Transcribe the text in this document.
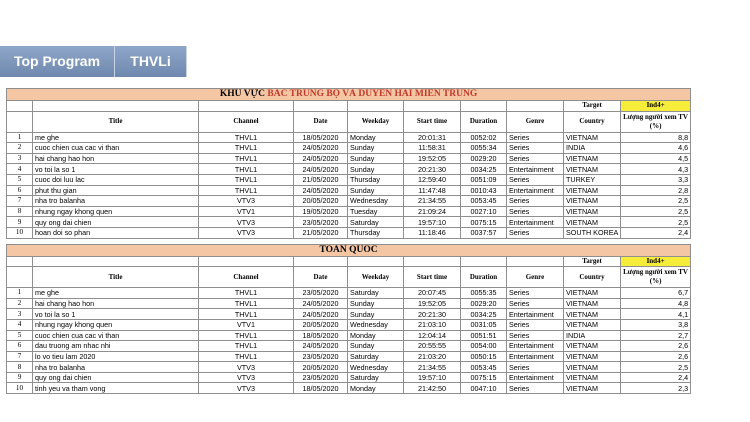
Top Program	THVLi
KHU VỰC BẮC TRUNG BỘ VÀ DUYÊN HẢI MIỀN TRUNG									
								Target	Ind4+
	Title	Channel	Date	Weekday	Start time	Duration	Genre	Country	Lượng người xem TV (%)
1	me ghe	THVL1	18/05/2020	Monday	20:01:31	0052:02	Series	VIETNAM	8,8
2	cuoc chien cua cac vi than	THVL1	24/05/2020	Sunday	11:58:31	0055:34	Series	INDIA	4,6
3	hai chang hao hon	THVL1	24/05/2020	Sunday	19:52:05	0029:20	Series	VIETNAM	4,5
4	vo toi la so 1	THVL1	24/05/2020	Sunday	20:21:30	0034:25	Entertainment	VIETNAM	4,3
5	cuoc doi luu lac	THVL1	21/05/2020	Thursday	12:59:40	0051:09	Series	TURKEY	3,3
6	phut thu gian	THVL1	24/05/2020	Sunday	11:47:48	0010:43	Entertainment	VIETNAM	2,8
7	nha tro balanha	VTV3	20/05/2020	Wednesday	21:34:55	0053:45	Series	VIETNAM	2,5
8	nhung ngay khong quen	VTV1	19/05/2020	Tuesday	21:09:24	0027:10	Series	VIETNAM	2,5
9	quy ong dai chien	VTV3	23/05/2020	Saturday	19:57:10	0075:15	Entertainment	VIETNAM	2,5
10	hoan doi so phan	VTV3	21/05/2020	Thursday	11:18:46	0037:57	Series	SOUTH KOREA	2,4

TOÀN QUỐC									
								Target	Ind4+
	Title	Channel	Date	Weekday	Start time	Duration	Genre	Country	Lượng người xem TV (%)
1	me ghe	THVL1	23/05/2020	Saturday	20:07:45	0055:35	Series	VIETNAM	6,7
2	hai chang hao hon	THVL1	24/05/2020	Sunday	19:52:05	0029:20	Series	VIETNAM	4,8
3	vo toi la so 1	THVL1	24/05/2020	Sunday	20:21:30	0034:25	Entertainment	VIETNAM	4,1
4	nhung ngay khong quen	VTV1	20/05/2020	Wednesday	21:03:10	0031:05	Series	VIETNAM	3,8
5	cuoc chien cua cac vi than	THVL1	18/05/2020	Monday	12:04:14	0051:51	Series	INDIA	2,7
6	dau truong am nhac nhi	THVL1	24/05/2020	Sunday	20:55:55	0054:00	Entertainment	VIETNAM	2,6
7	lo vo tieu lam 2020	THVL1	23/05/2020	Saturday	21:03:20	0050:15	Entertainment	VIETNAM	2,6
8	nha tro balanha	VTV3	20/05/2020	Wednesday	21:34:55	0053:45	Series	VIETNAM	2,5
9	quy ong dai chien	VTV3	23/05/2020	Saturday	19:57:10	0075:15	Entertainment	VIETNAM	2,4
10	tinh yeu va tham vong	VTV3	18/05/2020	Monday	21:42:50	0047:10	Series	VIETNAM	2,3
